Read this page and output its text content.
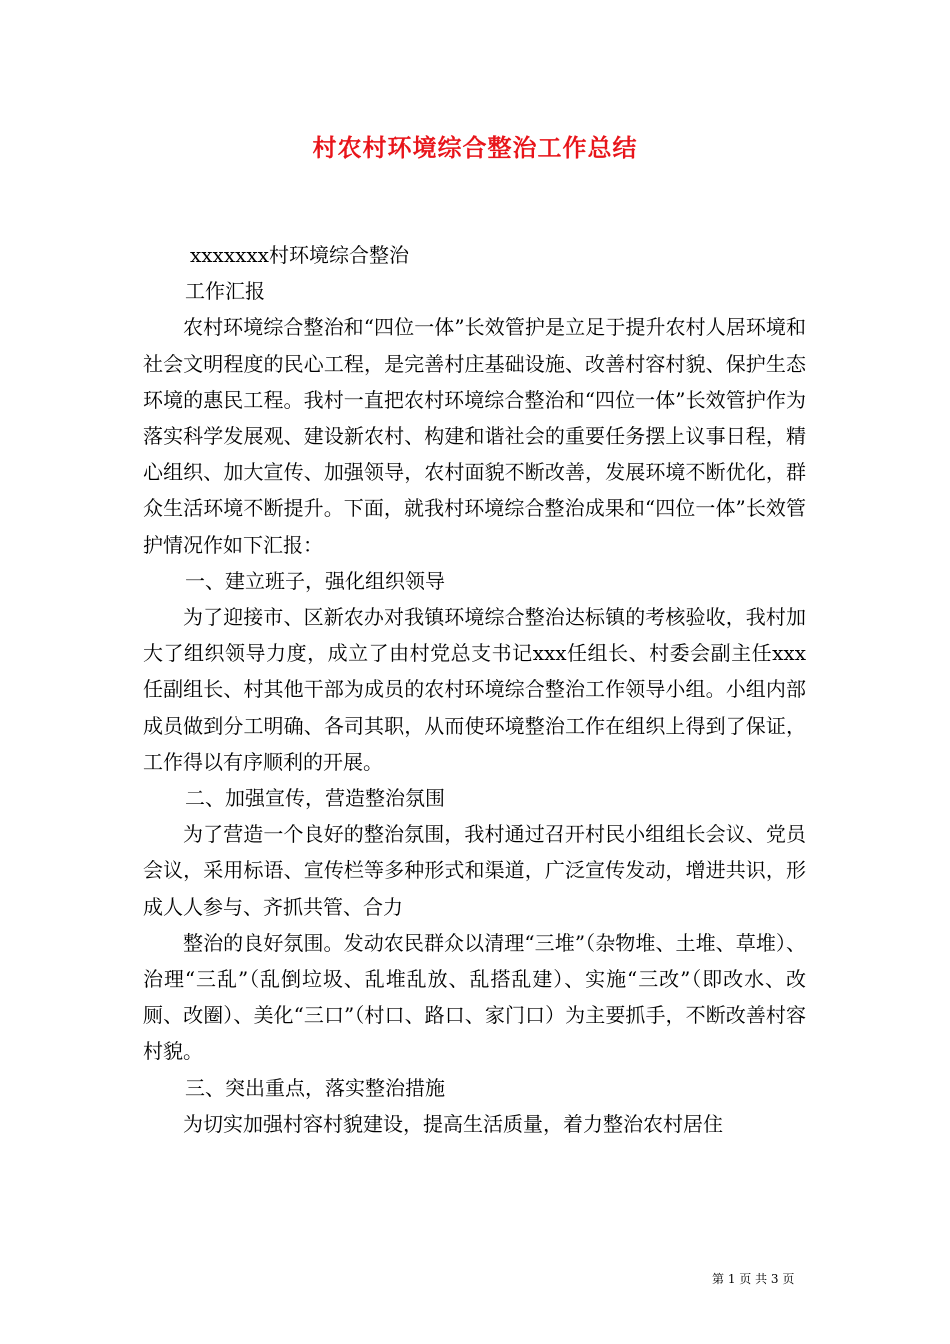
村农村环境综合整治工作总结

xxxxxxx村环境综合整治

工作汇报

农村环境综合整治和“四位一体”长效管护是立足于提升农村人居环境和社会文明程度的民心工程，是完善村庄基础设施、改善村容村貌、保护生态环境的惠民工程。我村一直把农村环境综合整治和“四位一体”长效管护作为落实科学发展观、建设新农村、构建和谐社会的重要任务摆上议事日程，精心组织、加大宣传、加强领导，农村面貌不断改善，发展环境不断优化，群众生活环境不断提升。下面，就我村环境综合整治成果和“四位一体”长效管护情况作如下汇报：

一、建立班子，强化组织领导

为了迎接市、区新农办对我镇环境综合整治达标镇的考核验收，我村加大了组织领导力度，成立了由村党总支书记xxx任组长、村委会副主任xxx任副组长、村其他干部为成员的农村环境综合整治工作领导小组。小组内部成员做到分工明确、各司其职，从而使环境整治工作在组织上得到了保证，工作得以有序顺利的开展。

二、加强宣传，营造整治氛围

为了营造一个良好的整治氛围，我村通过召开村民小组组长会议、党员会议，采用标语、宣传栏等多种形式和渠道，广泛宣传发动，增进共识，形成人人参与、齐抓共管、合力

整治的良好氛围。发动农民群众以清理“三堆”（杂物堆、土堆、草堆）、治理“三乱”（乱倒垃圾、乱堆乱放、乱搭乱建）、实施“三改”（即改水、改厕、改圈）、美化“三口”（村口、路口、家门口）为主要抓手，不断改善村容村貌。

三、突出重点，落实整治措施

为切实加强村容村貌建设，提高生活质量，着力整治农村居住

第 1 页 共 3 页
